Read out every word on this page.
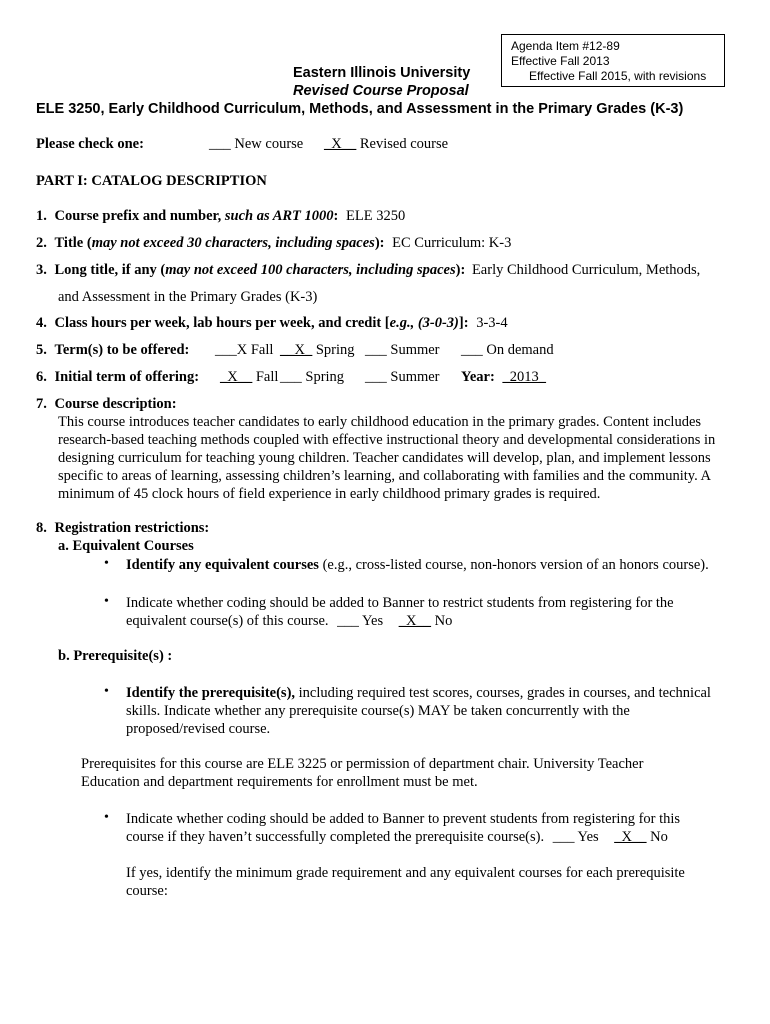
Agenda Item #12-89
Effective Fall 2013
Effective Fall 2015, with revisions
Eastern Illinois University
Revised Course Proposal
ELE 3250, Early Childhood Curriculum, Methods, and Assessment in the Primary Grades (K-3)
Please check one:	___ New course _X__ Revised course
PART I: CATALOG DESCRIPTION
1. Course prefix and number, such as ART 1000: ELE 3250
2. Title (may not exceed 30 characters, including spaces): EC Curriculum: K-3
3. Long title, if any (may not exceed 100 characters, including spaces): Early Childhood Curriculum, Methods,
and Assessment in the Primary Grades (K-3)
4. Class hours per week, lab hours per week, and credit [e.g., (3-0-3)]: 3-3-4
5. Term(s) to be offered: ___X Fall __X_ Spring ___ Summer ___ On demand
6. Initial term of offering: _X__ Fall ___ Spring ___ Summer Year: _2013_
7. Course description:
This course introduces teacher candidates to early childhood education in the primary grades. Content includes research-based teaching methods coupled with effective instructional theory and developmental considerations in designing curriculum for teaching young children. Teacher candidates will develop, plan, and implement lessons specific to areas of learning, assessing children’s learning, and collaborating with families and the community. A minimum of 45 clock hours of field experience in early childhood primary grades is required.
8. Registration restrictions:
a. Equivalent Courses
• Identify any equivalent courses (e.g., cross-listed course, non-honors version of an honors course).
• Indicate whether coding should be added to Banner to restrict students from registering for the equivalent course(s) of this course. ___ Yes _X__ No
b. Prerequisite(s) :
• Identify the prerequisite(s), including required test scores, courses, grades in courses, and technical skills. Indicate whether any prerequisite course(s) MAY be taken concurrently with the proposed/revised course.
Prerequisites for this course are ELE 3225 or permission of department chair. University Teacher Education and department requirements for enrollment must be met.
• Indicate whether coding should be added to Banner to prevent students from registering for this course if they haven’t successfully completed the prerequisite course(s). ___ Yes _X__ No
If yes, identify the minimum grade requirement and any equivalent courses for each prerequisite course:
